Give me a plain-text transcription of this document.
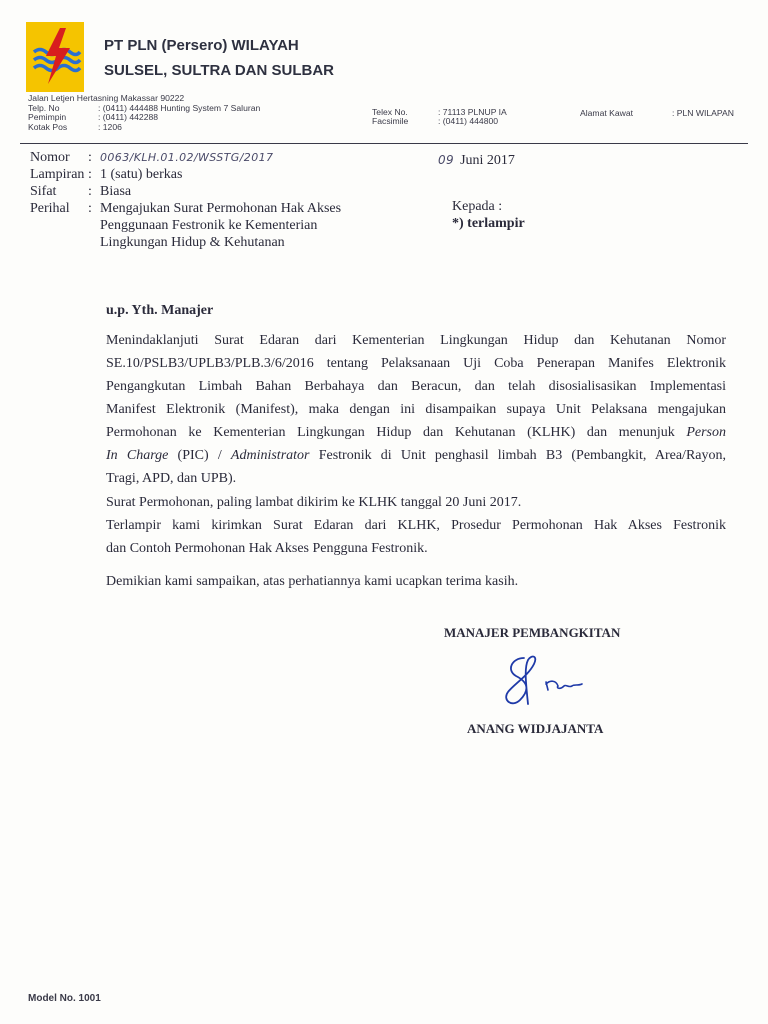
PT PLN (Persero) WILAYAH
SULSEL, SULTRA DAN SULBAR
Jalan Letjen Hertasning Makassar 90222
Telp. No	: (0411) 444488 Hunting System 7 Saluran
Pemimpin	: (0411) 442288
Kotak Pos	: 1206
Telex No.	: 71113 PLNUP IA
Facsimile	: (0411) 444800
Alamat Kawat	: PLN WILAPAN
Nomor	: 0063/KLH.01.02/WSSTG/2017
Lampiran : 1 (satu) berkas
Sifat	: Biasa
Perihal	: Mengajukan Surat Permohonan Hak Akses
Penggunaan Festronik ke Kementerian
Lingkungan Hidup & Kehutanan
09 Juni 2017
Kepada :
*) terlampir
u.p. Yth. Manajer
Menindaklanjuti Surat Edaran dari Kementerian Lingkungan Hidup dan Kehutanan Nomor
SE.10/PSLB3/UPLB3/PLB.3/6/2016 tentang Pelaksanaan Uji Coba Penerapan Manifes Elektronik
Pengangkutan Limbah Bahan Berbahaya dan Beracun, dan telah disosialisasikan Implementasi
Manifest Elektronik (Manifest), maka dengan ini disampaikan supaya Unit Pelaksana mengajukan
Permohonan ke Kementerian Lingkungan Hidup dan Kehutanan (KLHK) dan menunjuk Person
In Charge (PIC) / Administrator Festronik di Unit penghasil limbah B3 (Pembangkit, Area/Rayon,
Tragi, APD, dan UPB).
Surat Permohonan, paling lambat dikirim ke KLHK tanggal 20 Juni 2017.
Terlampir kami kirimkan Surat Edaran dari KLHK, Prosedur Permohonan Hak Akses Festronik
dan Contoh Permohonan Hak Akses Pengguna Festronik.
Demikian kami sampaikan, atas perhatiannya kami ucapkan terima kasih.
MANAJER PEMBANGKITAN
ANANG WIDJAJANTA
Model No. 1001
